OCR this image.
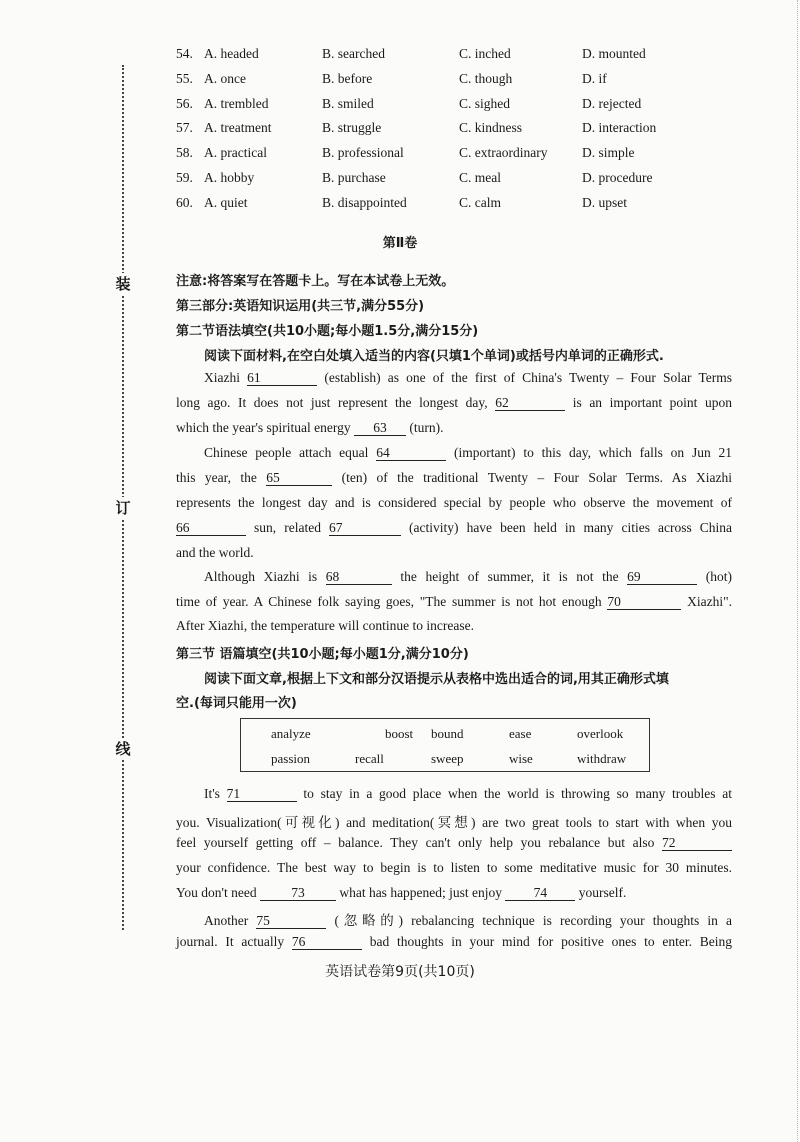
装
订
线
54. A. headed	B. searched	C. inched	D. mounted
55. A. once	B. before	C. though	D. if
56. A. trembled	B. smiled	C. sighed	D. rejected
57. A. treatment	B. struggle	C. kindness	D. interaction
58. A. practical	B. professional	C. extraordinary	D. simple
59. A. hobby	B. purchase	C. meal	D. procedure
60. A. quiet	B. disappointed	C. calm	D. upset
第Ⅱ卷
注意:将答案写在答题卡上。写在本试卷上无效。
第三部分:英语知识运用(共三节,满分55分)
第二节语法填空(共10小题;每小题1.5分,满分15分)
阅读下面材料,在空白处填入适当的内容(只填1个单词)或括号内单词的正确形式.
Xiazhi 61	(establish) as one of the first of China's Twenty – Four Solar Terms
long ago. It does not just represent the longest day, 62	is an important point upon
which the year's spiritual energy 63 (turn).
Chinese people attach equal 64	(important) to this day, which falls on Jun 21
this year, the 65	(ten) of the traditional Twenty – Four Solar Terms. As Xiazhi
represents the longest day and is considered special by people who observe the movement of
66	sun, related 67	(activity) have been held in many cities across China
and the world.
Although Xiazhi is 68	the height of summer, it is not the 69	(hot)
time of year. A Chinese folk saying goes, "The summer is not hot enough 70	Xiazhi".
After Xiazhi, the temperature will continue to increase.
第三节 语篇填空(共10小题;每小题1分,满分10分)
阅读下面文章,根据上下文和部分汉语提示从表格中选出适合的词,用其正确形式填
空.(每词只能用一次)
analyze	boost bound	ease	overlook
passion	recall	sweep	wise	withdraw
It's 71	to stay in a good place when the world is throwing so many troubles at
you. Visualization(可视化) and meditation(冥想) are two great tools to start with when you
feel yourself getting off – balance. They can't only help you rebalance but also 72
your confidence. The best way to begin is to listen to some meditative music for 30 minutes.
You don't need	73	what has happened; just enjoy 74 yourself.
Another 75	(忽略的) rebalancing technique is recording your thoughts in a
journal. It actually 76	bad thoughts in your mind for positive ones to enter. Being
英语试卷第9页(共10页)
